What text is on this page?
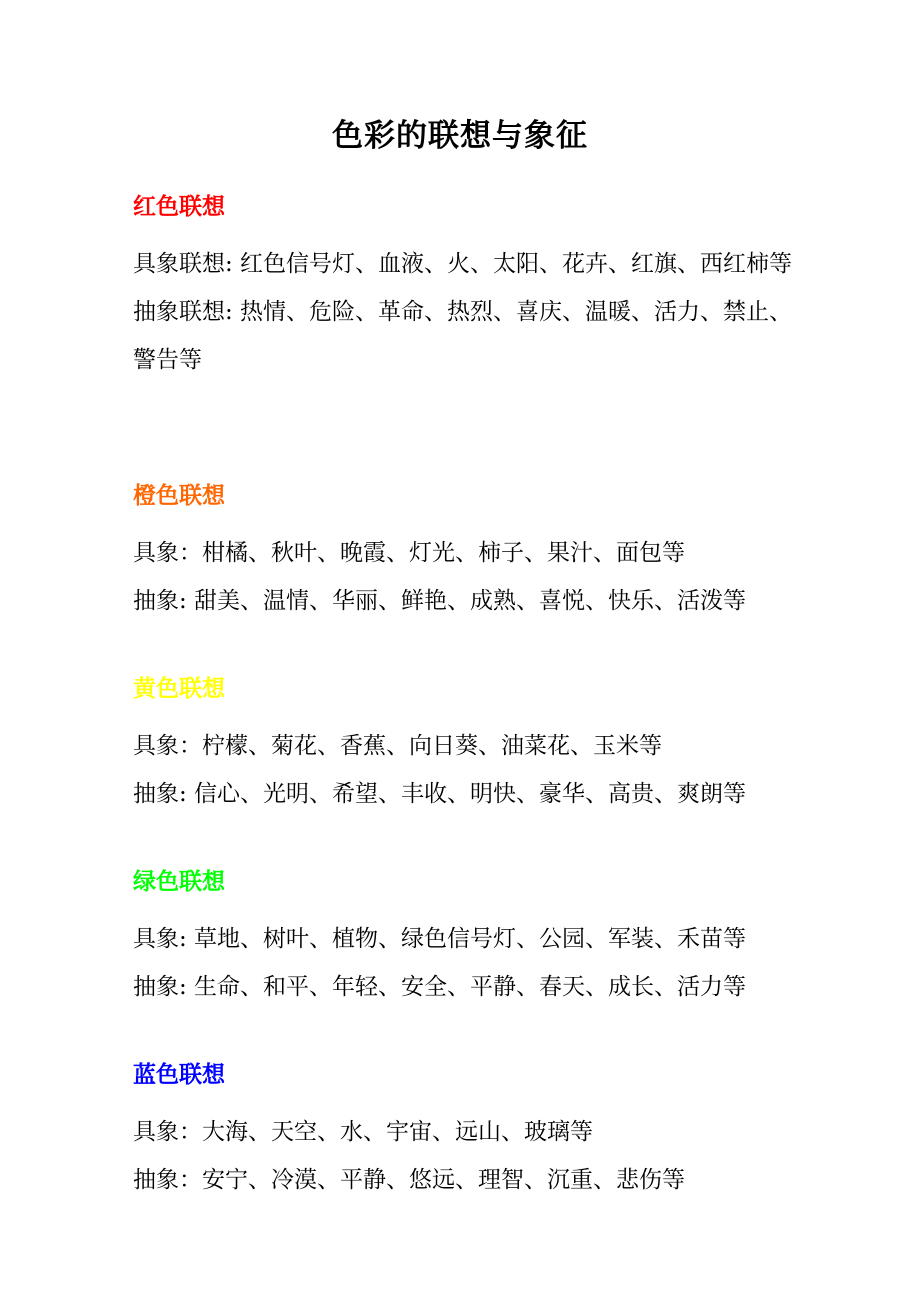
色彩的联想与象征

红色联想

具象联想: 红色信号灯、血液、火、太阳、花卉、红旗、西红柿等

抽象联想: 热情、危险、革命、热烈、喜庆、温暖、活力、禁止、警告等

橙色联想

具象：柑橘、秋叶、晚霞、灯光、柿子、果汁、面包等

抽象: 甜美、温情、华丽、鲜艳、成熟、喜悦、快乐、活泼等

黄色联想

具象：柠檬、菊花、香蕉、向日葵、油菜花、玉米等

抽象: 信心、光明、希望、丰收、明快、豪华、高贵、爽朗等

绿色联想

具象: 草地、树叶、植物、绿色信号灯、公园、军装、禾苗等

抽象: 生命、和平、年轻、安全、平静、春天、成长、活力等

蓝色联想

具象：大海、天空、水、宇宙、远山、玻璃等

抽象：安宁、冷漠、平静、悠远、理智、沉重、悲伤等
